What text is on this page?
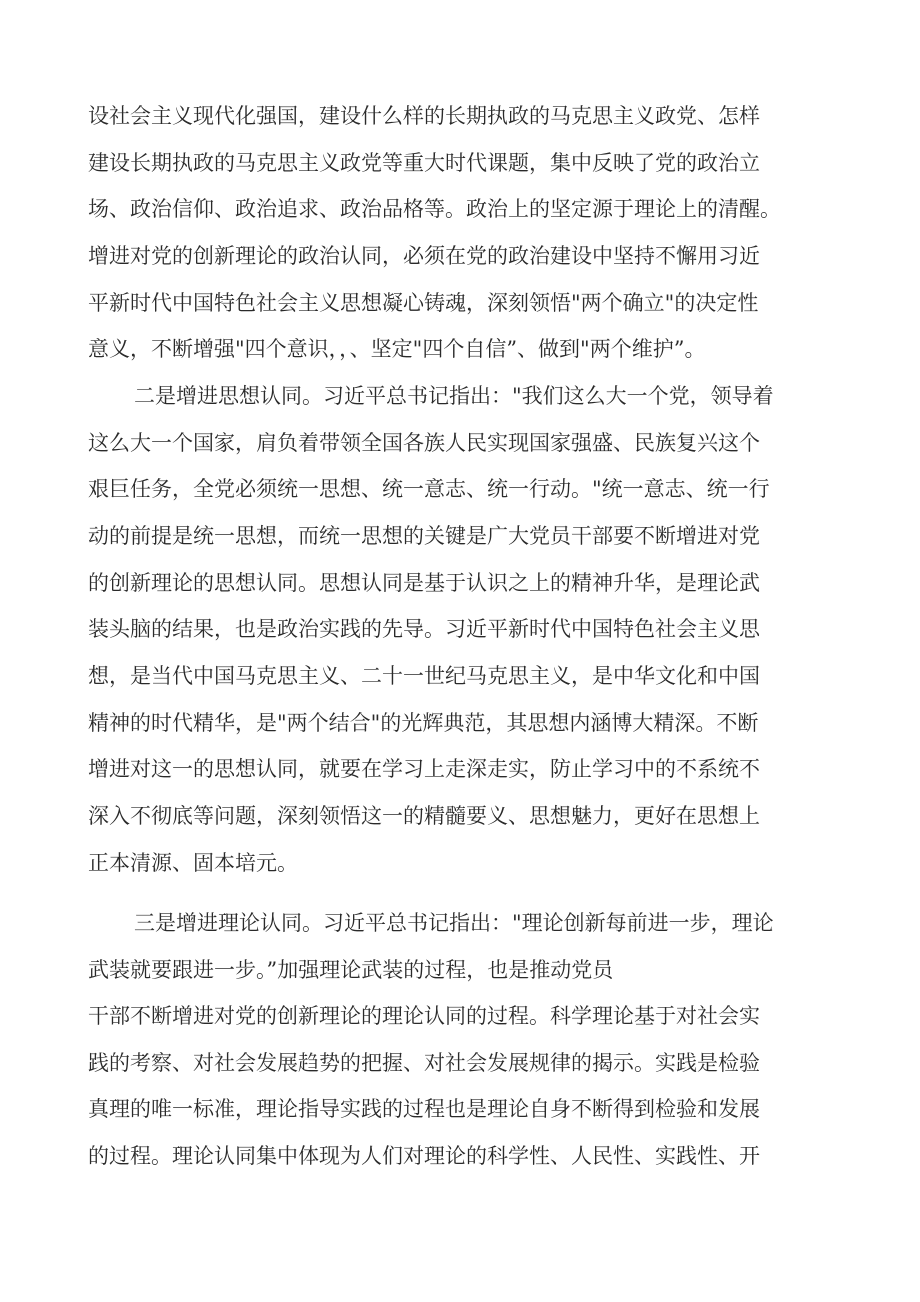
设社会主义现代化强国，建设什么样的长期执政的马克思主义政党、怎样
建设长期执政的马克思主义政党等重大时代课题，集中反映了党的政治立
场、政治信仰、政治追求、政治品格等。政治上的坚定源于理论上的清醒。
增进对党的创新理论的政治认同，必须在党的政治建设中坚持不懈用习近
平新时代中国特色社会主义思想凝心铸魂，深刻领悟"两个确立"的决定性
意义，不断增强"四个意识，，、坚定"四个自信”、做到"两个维护”。
二是增进思想认同。习近平总书记指出："我们这么大一个党，领导着
这么大一个国家，肩负着带领全国各族人民实现国家强盛、民族复兴这个
艰巨任务，全党必须统一思想、统一意志、统一行动。"统一意志、统一行
动的前提是统一思想，而统一思想的关键是广大党员干部要不断增进对党
的创新理论的思想认同。思想认同是基于认识之上的精神升华，是理论武
装头脑的结果，也是政治实践的先导。习近平新时代中国特色社会主义思
想，是当代中国马克思主义、二十一世纪马克思主义，是中华文化和中国
精神的时代精华，是"两个结合"的光辉典范，其思想内涵博大精深。不断
增进对这一的思想认同，就要在学习上走深走实，防止学习中的不系统不
深入不彻底等问题，深刻领悟这一的精髓要义、思想魅力，更好在思想上
正本清源、固本培元。
三是增进理论认同。习近平总书记指出："理论创新每前进一步，理论
武装就要跟进一步。”加强理论武装的过程，也是推动党员
干部不断增进对党的创新理论的理论认同的过程。科学理论基于对社会实
践的考察、对社会发展趋势的把握、对社会发展规律的揭示。实践是检验
真理的唯一标准，理论指导实践的过程也是理论自身不断得到检验和发展
的过程。理论认同集中体现为人们对理论的科学性、人民性、实践性、开
